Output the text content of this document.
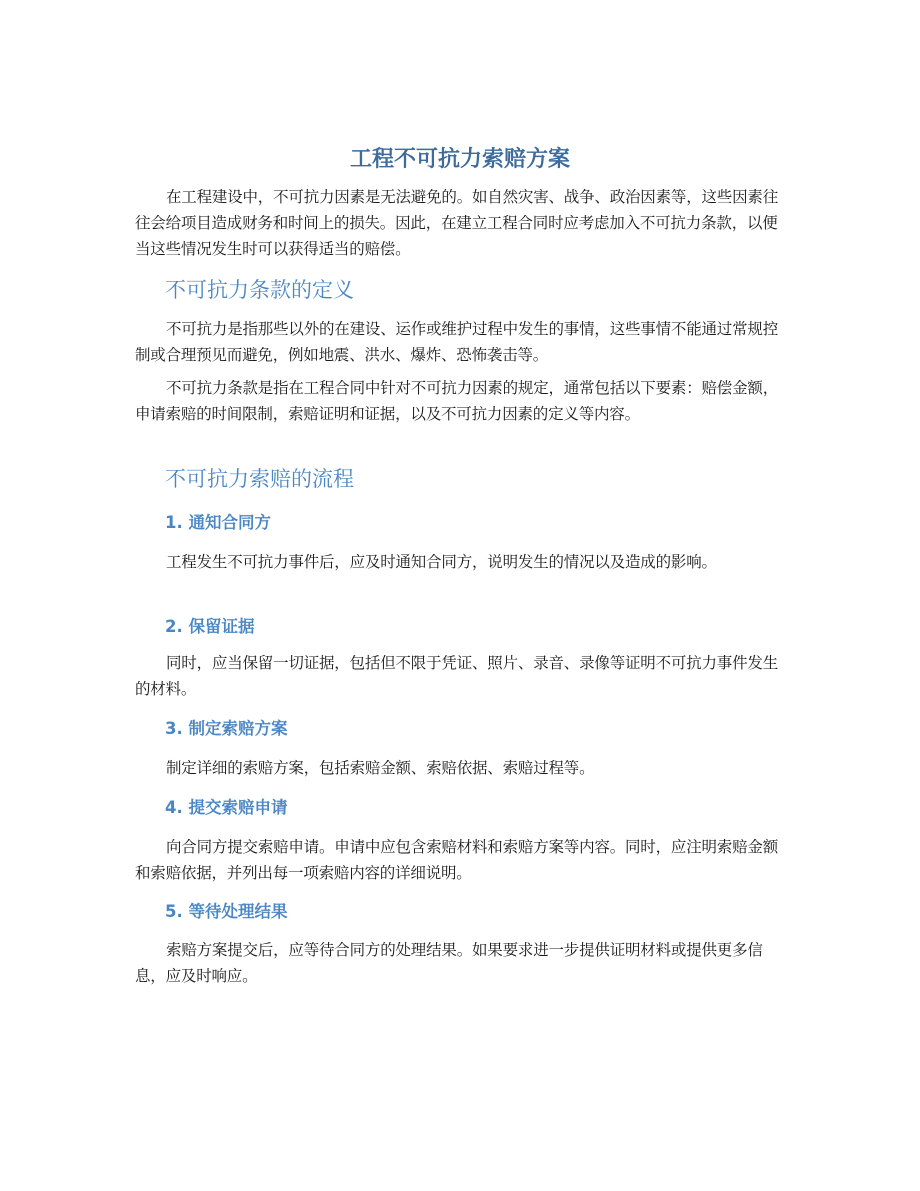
工程不可抗力索赔方案

在工程建设中，不可抗力因素是无法避免的。如自然灾害、战争、政治因素等，这些因素往往会给项目造成财务和时间上的损失。因此，在建立工程合同时应考虑加入不可抗力条款，以便当这些情况发生时可以获得适当的赔偿。

不可抗力条款的定义

不可抗力是指那些以外的在建设、运作或维护过程中发生的事情，这些事情不能通过常规控制或合理预见而避免，例如地震、洪水、爆炸、恐怖袭击等。

不可抗力条款是指在工程合同中针对不可抗力因素的规定，通常包括以下要素：赔偿金额，申请索赔的时间限制，索赔证明和证据，以及不可抗力因素的定义等内容。

不可抗力索赔的流程
1. 通知合同方

工程发生不可抗力事件后，应及时通知合同方，说明发生的情况以及造成的影响。

2. 保留证据

同时，应当保留一切证据，包括但不限于凭证、照片、录音、录像等证明不可抗力事件发生的材料。

3. 制定索赔方案

制定详细的索赔方案，包括索赔金额、索赔依据、索赔过程等。

4. 提交索赔申请

向合同方提交索赔申请。申请中应包含索赔材料和索赔方案等内容。同时，应注明索赔金额和索赔依据，并列出每一项索赔内容的详细说明。

5. 等待处理结果

索赔方案提交后，应等待合同方的处理结果。如果要求进一步提供证明材料或提供更多信息，应及时响应。
